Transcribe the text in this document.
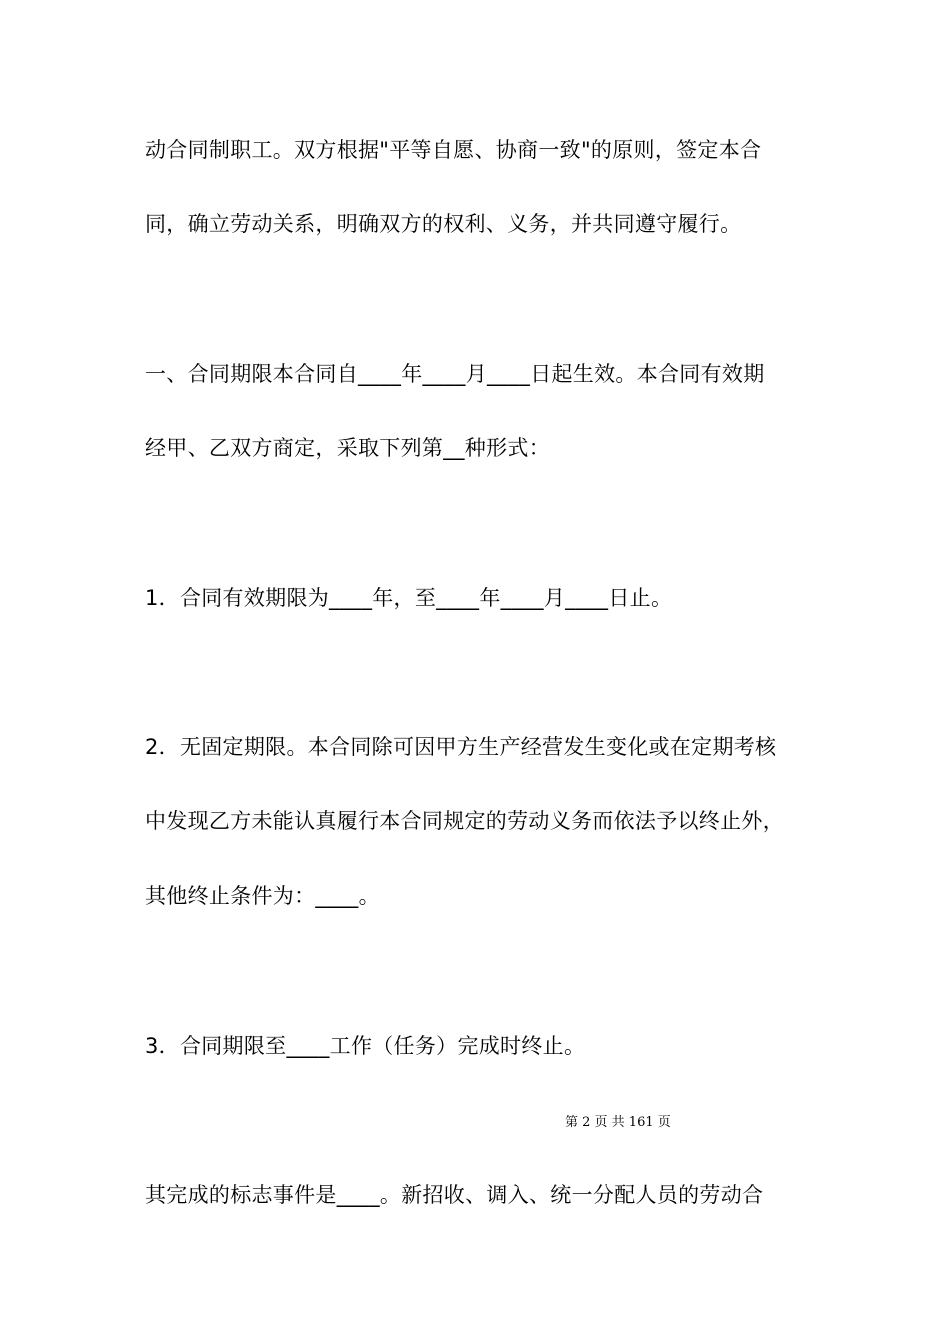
动合同制职工。双方根据"平等自愿、协商一致"的原则，签定本合
同，确立劳动关系，明确双方的权利、义务，并共同遵守履行。
一、合同期限本合同自____年____月____日起生效。本合同有效期
经甲、乙双方商定，采取下列第__种形式：
1．合同有效期限为____年，至____年____月____日止。
2．无固定期限。本合同除可因甲方生产经营发生变化或在定期考核
中发现乙方未能认真履行本合同规定的劳动义务而依法予以终止外，
其他终止条件为：____。
3．合同期限至____工作（任务）完成时终止。
第 2 页 共 161 页
其完成的标志事件是____。新招收、调入、统一分配人员的劳动合
